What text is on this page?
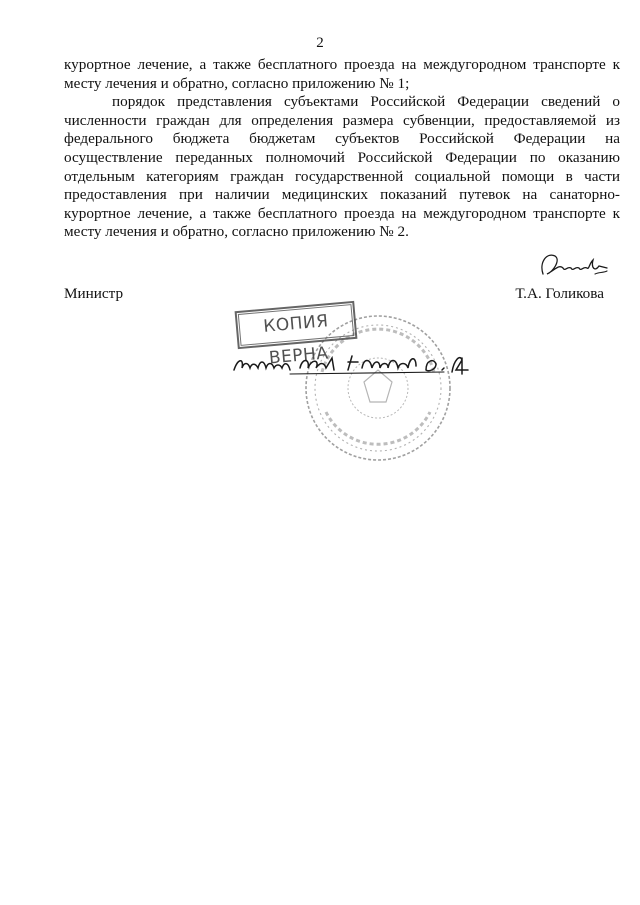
2

курортное лечение, а также бесплатного проезда на междугородном транспорте к месту лечения и обратно, согласно приложению № 1;

порядок представления субъектами Российской Федерации сведений о численности граждан для определения размера субвенции, предоставляемой из федерального бюджета бюджетам субъектов Российской Федерации на осуществление переданных полномочий Российской Федерации по оказанию отдельным категориям граждан государственной социальной помощи в части предоставления при наличии медицинских показаний путевок на санаторно-курортное лечение, а также бесплатного проезда на междугородном транспорте к месту лечения и обратно, согласно приложению № 2.

Министр	Т.А. Голикова
КОПИЯ ВЕРНА
